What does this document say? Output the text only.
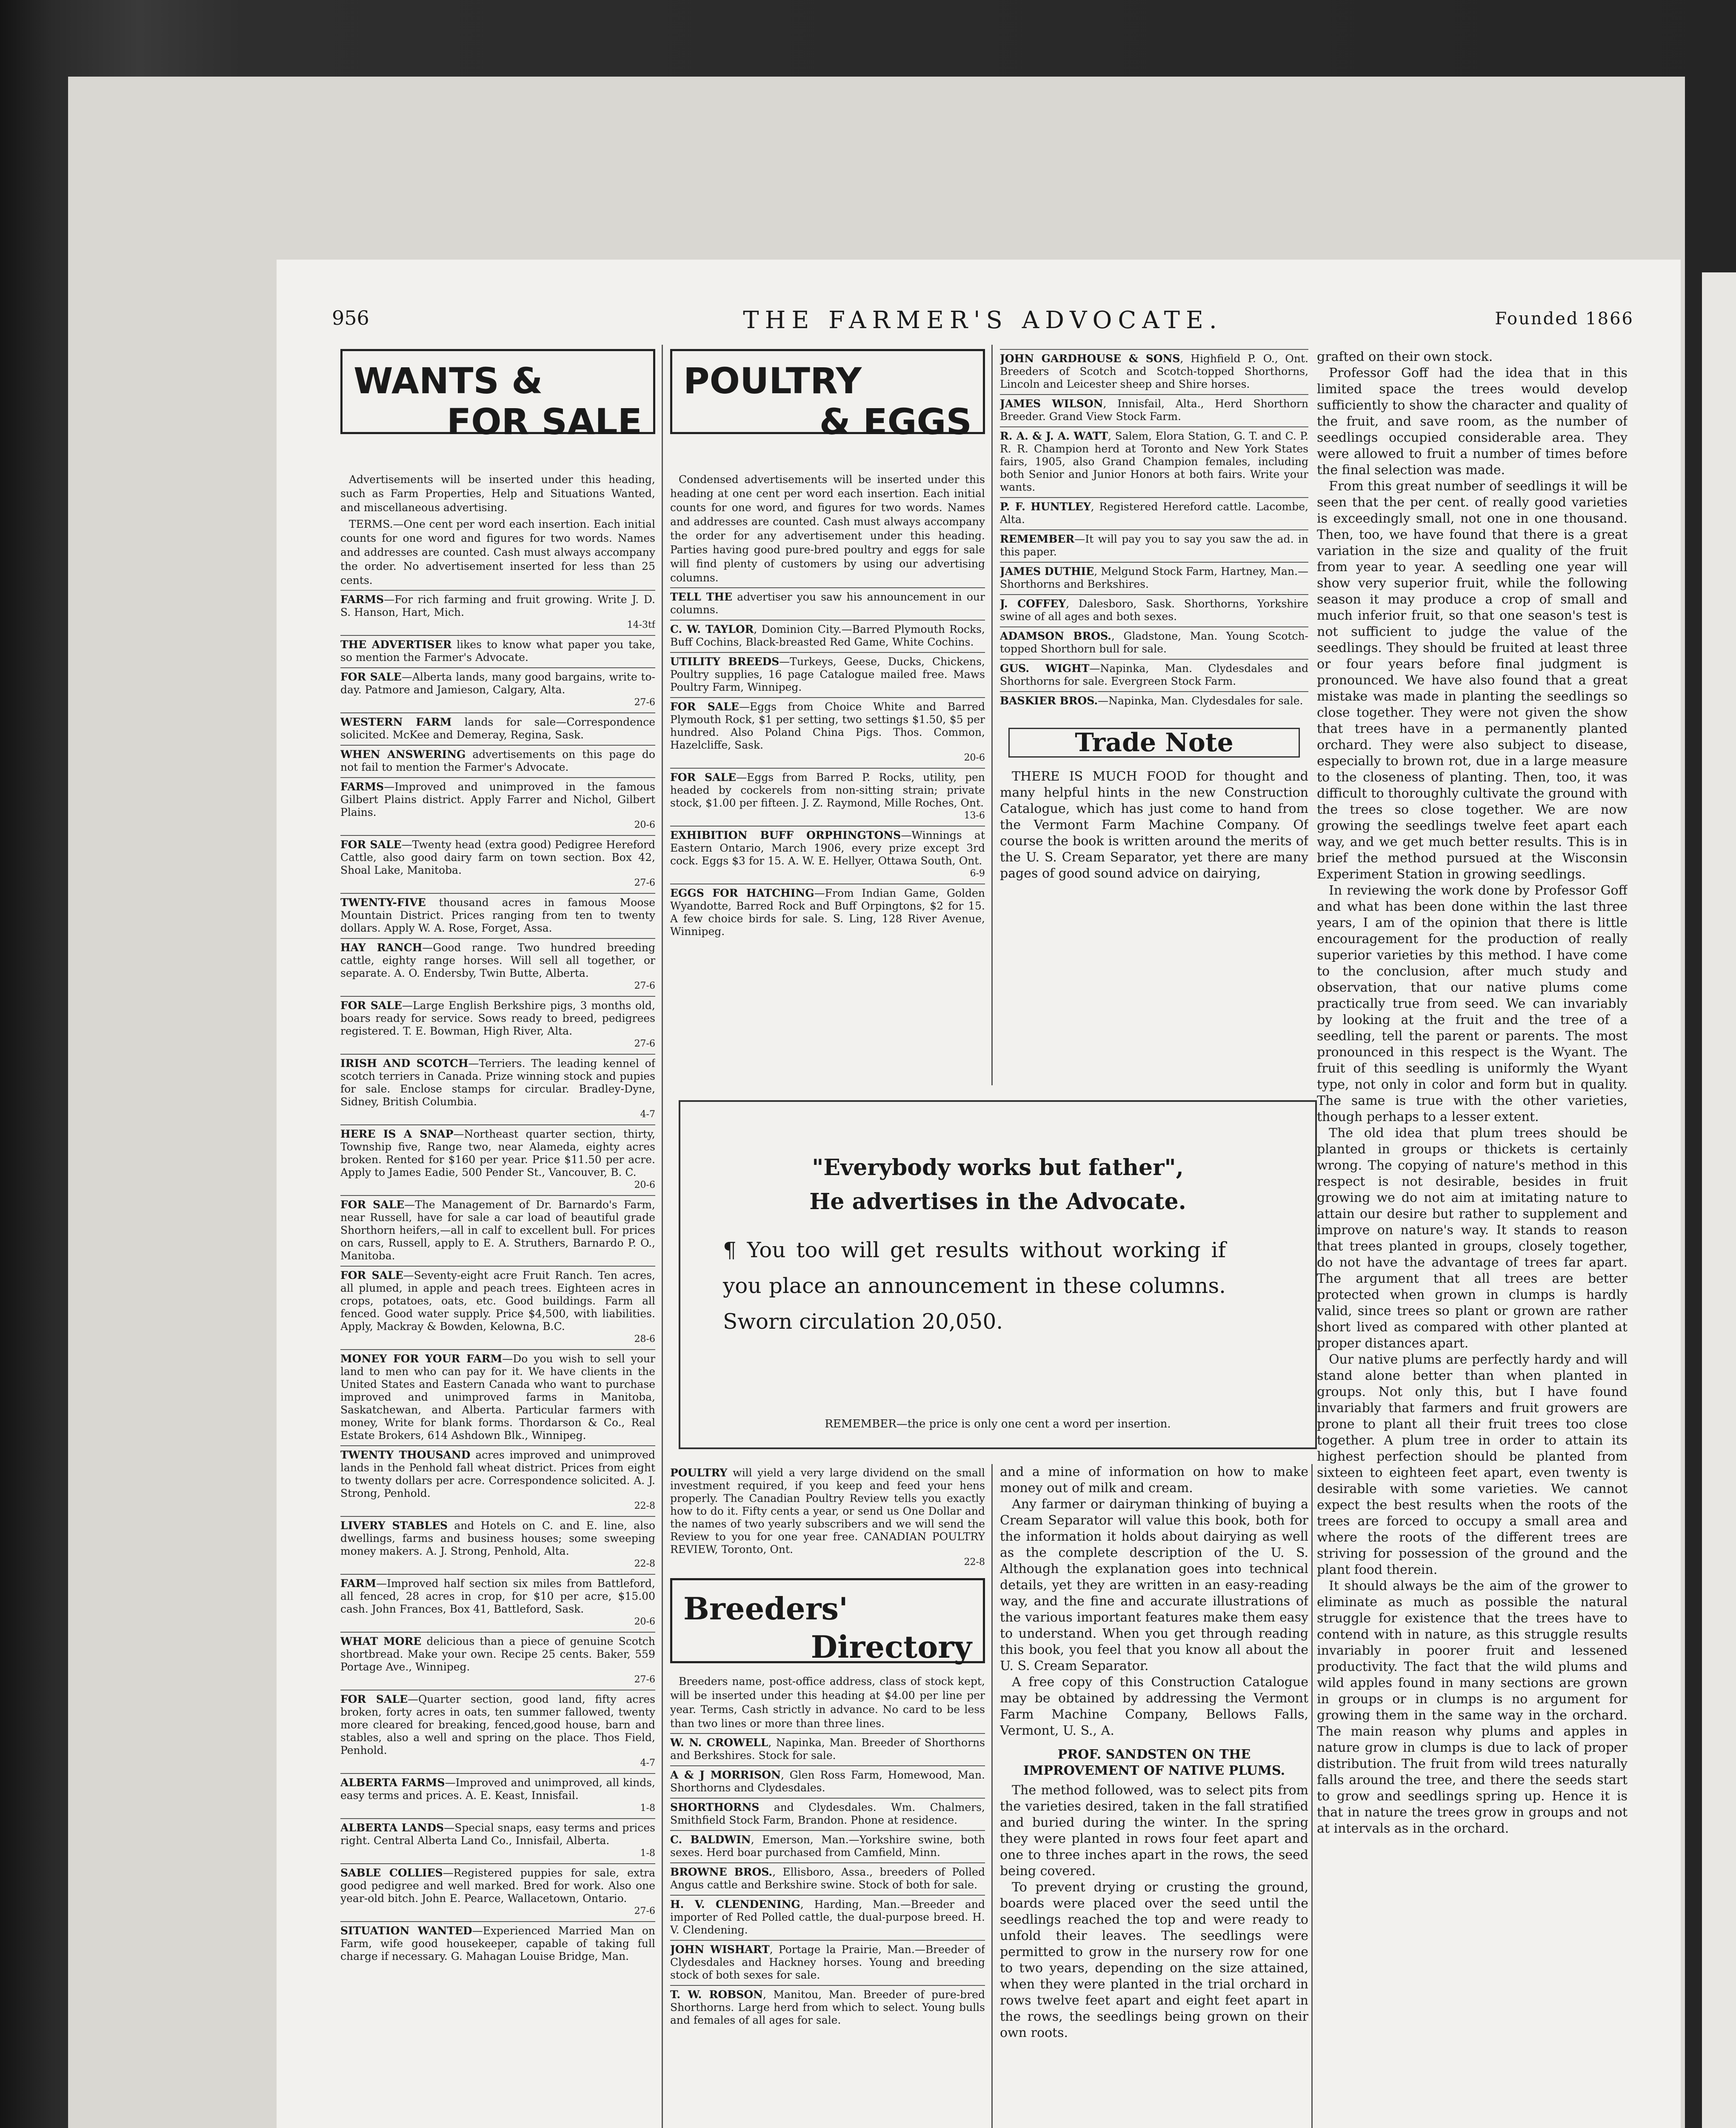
956	THE FARMER'S ADVOCATE.	Founded 1866
WANTS &
FOR SALE

Advertisements will be inserted under this heading, such as Farm Properties, Help and Situations Wanted, and miscellaneous advertising.

TERMS.—One cent per word each insertion. Each initial counts for one word and figures for two words. Names and addresses are counted. Cash must always accompany the order. No advertisement inserted for less than 25 cents.

FARMS—For rich farming and fruit growing. Write J. D. S. Hanson, Hart, Mich.
14-3tf
THE ADVERTISER likes to know what paper you take, so mention the Farmer's Advocate.
FOR SALE—Alberta lands, many good bargains, write to-day. Patmore and Jamieson, Calgary, Alta.
27-6
WESTERN FARM lands for sale—Correspondence solicited. McKee and Demeray, Regina, Sask.
WHEN ANSWERING advertisements on this page do not fail to mention the Farmer's Advocate.
FARMS—Improved and unimproved in the famous Gilbert Plains district. Apply Farrer and Nichol, Gilbert Plains.
20-6
FOR SALE—Twenty head (extra good) Pedigree Hereford Cattle, also good dairy farm on town section. Box 42, Shoal Lake, Manitoba.
27-6
TWENTY-FIVE thousand acres in famous Moose Mountain District. Prices ranging from ten to twenty dollars. Apply W. A. Rose, Forget, Assa.
HAY RANCH—Good range. Two hundred breeding cattle, eighty range horses. Will sell all together, or separate. A. O. Endersby, Twin Butte, Alberta.
27-6
FOR SALE—Large English Berkshire pigs, 3 months old, boars ready for service. Sows ready to breed, pedigrees registered. T. E. Bowman, High River, Alta.
27-6
IRISH AND SCOTCH—Terriers. The leading kennel of scotch terriers in Canada. Prize winning stock and pupies for sale. Enclose stamps for circular. Bradley-Dyne, Sidney, British Columbia.
4-7
HERE IS A SNAP—Northeast quarter section, thirty, Township five, Range two, near Alameda, eighty acres broken. Rented for $160 per year. Price $11.50 per acre. Apply to James Eadie, 500 Pender St., Vancouver, B. C.
20-6
FOR SALE—The Management of Dr. Barnardo's Farm, near Russell, have for sale a car load of beautiful grade Shorthorn heifers,—all in calf to excellent bull. For prices on cars, Russell, apply to E. A. Struthers, Barnardo P. O., Manitoba.
FOR SALE—Seventy-eight acre Fruit Ranch. Ten acres, all plumed, in apple and peach trees. Eighteen acres in crops, potatoes, oats, etc. Good buildings. Farm all fenced. Good water supply. Price $4,500, with liabilities. Apply, Mackray & Bowden, Kelowna, B.C.
28-6
MONEY FOR YOUR FARM—Do you wish to sell your land to men who can pay for it. We have clients in the United States and Eastern Canada who want to purchase improved and unimproved farms in Manitoba, Saskatchewan, and Alberta. Particular farmers with money, Write for blank forms. Thordarson & Co., Real Estate Brokers, 614 Ashdown Blk., Winnipeg.
TWENTY THOUSAND acres improved and unimproved lands in the Penhold fall wheat district. Prices from eight to twenty dollars per acre. Correspondence solicited. A. J. Strong, Penhold.
22-8
LIVERY STABLES and Hotels on C. and E. line, also dwellings, farms and business houses; some sweeping money makers. A. J. Strong, Penhold, Alta.
22-8
FARM—Improved half section six miles from Battleford, all fenced, 28 acres in crop, for $10 per acre, $15.00 cash. John Frances, Box 41, Battleford, Sask.
20-6
WHAT MORE delicious than a piece of genuine Scotch shortbread. Make your own. Recipe 25 cents. Baker, 559 Portage Ave., Winnipeg.
27-6
FOR SALE—Quarter section, good land, fifty acres broken, forty acres in oats, ten summer fallowed, twenty more cleared for breaking, fenced,good house, barn and stables, also a well and spring on the place. Thos Field, Penhold.
4-7
ALBERTA FARMS—Improved and unimproved, all kinds, easy terms and prices. A. E. Keast, Innisfail.
1-8
ALBERTA LANDS—Special snaps, easy terms and prices right. Central Alberta Land Co., Innisfail, Alberta.
1-8
SABLE COLLIES—Registered puppies for sale, extra good pedigree and well marked. Bred for work. Also one year-old bitch. John E. Pearce, Wallacetown, Ontario.
27-6
SITUATION WANTED—Experienced Married Man on Farm, wife good housekeeper, capable of taking full charge if necessary. G. Mahagan Louise Bridge, Man.
POULTRY
& EGGS

Condensed advertisements will be inserted under this heading at one cent per word each insertion. Each initial counts for one word, and figures for two words. Names and addresses are counted. Cash must always accompany the order for any advertisement under this heading. Parties having good pure-bred poultry and eggs for sale will find plenty of customers by using our advertising columns.

TELL THE advertiser you saw his announcement in our columns.
C. W. TAYLOR, Dominion City.—Barred Plymouth Rocks, Buff Cochins, Black-breasted Red Game, White Cochins.
UTILITY BREEDS—Turkeys, Geese, Ducks, Chickens, Poultry supplies, 16 page Catalogue mailed free. Maws Poultry Farm, Winnipeg.
FOR SALE—Eggs from Choice White and Barred Plymouth Rock, $1 per setting, two settings $1.50, $5 per hundred. Also Poland China Pigs. Thos. Common, Hazelcliffe, Sask.
20-6
FOR SALE—Eggs from Barred P. Rocks, utility, pen headed by cockerels from non-sitting strain; private stock, $1.00 per fifteen. J. Z. Raymond, Mille Roches, Ont.
13-6
EXHIBITION BUFF ORPHINGTONS—Winnings at Eastern Ontario, March 1906, every prize except 3rd cock. Eggs $3 for 15. A. W. E. Hellyer, Ottawa South, Ont.
6-9
EGGS FOR HATCHING—From Indian Game, Golden Wyandotte, Barred Rock and Buff Orpingtons, $2 for 15. A few choice birds for sale. S. Ling, 128 River Avenue, Winnipeg.
JOHN GARDHOUSE & SONS, Highfield P. O., Ont. Breeders of Scotch and Scotch-topped Shorthorns, Lincoln and Leicester sheep and Shire horses.
JAMES WILSON, Innisfail, Alta., Herd Shorthorn Breeder. Grand View Stock Farm.
R. A. & J. A. WATT, Salem, Elora Station, G. T. and C. P. R. R. Champion herd at Toronto and New York States fairs, 1905, also Grand Champion females, including both Senior and Junior Honors at both fairs. Write your wants.
P. F. HUNTLEY, Registered Hereford cattle. Lacombe, Alta.
REMEMBER—It will pay you to say you saw the ad. in this paper.
JAMES DUTHIE, Melgund Stock Farm, Hartney, Man.—Shorthorns and Berkshires.
J. COFFEY, Dalesboro, Sask. Shorthorns, Yorkshire swine of all ages and both sexes.
ADAMSON BROS., Gladstone, Man. Young Scotch-topped Shorthorn bull for sale.
GUS. WIGHT—Napinka, Man. Clydesdales and Shorthorns for sale. Evergreen Stock Farm.
BASKIER BROS.—Napinka, Man. Clydesdales for sale.
Trade Note

THERE IS MUCH FOOD for thought and many helpful hints in the new Construction Catalogue, which has just come to hand from the Vermont Farm Machine Company. Of course the book is written around the merits of the U. S. Cream Separator, yet there are many pages of good sound advice on dairying,

"Everybody works but father",
He advertises in the Advocate.
¶ You too will get results without working if you place an announcement in these columns. Sworn circulation 20,050.
REMEMBER—the price is only one cent a word per insertion.
POULTRY will yield a very large dividend on the small investment required, if you keep and feed your hens properly. The Canadian Poultry Review tells you exactly how to do it. Fifty cents a year, or send us One Dollar and the names of two yearly subscribers and we will send the Review to you for one year free. CANADIAN POULTRY REVIEW, Toronto, Ont.
22-8
Breeders'
Directory

Breeders name, post-office address, class of stock kept, will be inserted under this heading at $4.00 per line per year. Terms, Cash strictly in advance. No card to be less than two lines or more than three lines.

W. N. CROWELL, Napinka, Man. Breeder of Shorthorns and Berkshires. Stock for sale.
A & J MORRISON, Glen Ross Farm, Homewood, Man. Shorthorns and Clydesdales.
SHORTHORNS and Clydesdales. Wm. Chalmers, Smithfield Stock Farm, Brandon. Phone at residence.
C. BALDWIN, Emerson, Man.—Yorkshire swine, both sexes. Herd boar purchased from Camfield, Minn.
BROWNE BROS., Ellisboro, Assa., breeders of Polled Angus cattle and Berkshire swine. Stock of both for sale.
H. V. CLENDENING, Harding, Man.—Breeder and importer of Red Polled cattle, the dual-purpose breed. H. V. Clendening.
JOHN WISHART, Portage la Prairie, Man.—Breeder of Clydesdales and Hackney horses. Young and breeding stock of both sexes for sale.
T. W. ROBSON, Manitou, Man. Breeder of pure-bred Shorthorns. Large herd from which to select. Young bulls and females of all ages for sale.

and a mine of information on how to make money out of milk and cream.

Any farmer or dairyman thinking of buying a Cream Separator will value this book, both for the information it holds about dairying as well as the complete description of the U. S. Although the explanation goes into technical details, yet they are written in an easy-reading way, and the fine and accurate illustrations of the various important features make them easy to understand. When you get through reading this book, you feel that you know all about the U. S. Cream Separator.

A free copy of this Construction Catalogue may be obtained by addressing the Vermont Farm Machine Company, Bellows Falls, Vermont, U. S., A.

PROF. SANDSTEN ON THE IMPROVEMENT OF NATIVE PLUMS.

The method followed, was to select pits from the varieties desired, taken in the fall stratified and buried during the winter. In the spring they were planted in rows four feet apart and one to three inches apart in the rows, the seed being covered.

To prevent drying or crusting the ground, boards were placed over the seed until the seedlings reached the top and were ready to unfold their leaves. The seedlings were permitted to grow in the nursery row for one to two years, depending on the size attained, when they were planted in the trial orchard in rows twelve feet apart and eight feet apart in the rows, the seedlings being grown on their own roots.

grafted on their own stock.

Professor Goff had the idea that in this limited space the trees would develop sufficiently to show the character and quality of the fruit, and save room, as the number of seedlings occupied considerable area. They were allowed to fruit a number of times before the final selection was made.

From this great number of seedlings it will be seen that the per cent. of really good varieties is exceedingly small, not one in one thousand. Then, too, we have found that there is a great variation in the size and quality of the fruit from year to year. A seedling one year will show very superior fruit, while the following season it may produce a crop of small and much inferior fruit, so that one season's test is not sufficient to judge the value of the seedlings. They should be fruited at least three or four years before final judgment is pronounced. We have also found that a great mistake was made in planting the seedlings so close together. They were not given the show that trees have in a permanently planted orchard. They were also subject to disease, especially to brown rot, due in a large measure to the closeness of planting. Then, too, it was difficult to thoroughly cultivate the ground with the trees so close together. We are now growing the seedlings twelve feet apart each way, and we get much better results. This is in brief the method pursued at the Wisconsin Experiment Station in growing seedlings.

In reviewing the work done by Professor Goff and what has been done within the last three years, I am of the opinion that there is little encouragement for the production of really superior varieties by this method. I have come to the conclusion, after much study and observation, that our native plums come practically true from seed. We can invariably by looking at the fruit and the tree of a seedling, tell the parent or parents. The most pronounced in this respect is the Wyant. The fruit of this seedling is uniformly the Wyant type, not only in color and form but in quality. The same is true with the other varieties, though perhaps to a lesser extent.

The old idea that plum trees should be planted in groups or thickets is certainly wrong. The copying of nature's method in this respect is not desirable, besides in fruit growing we do not aim at imitating nature to attain our desire but rather to supplement and improve on nature's way. It stands to reason that trees planted in groups, closely together, do not have the advantage of trees far apart. The argument that all trees are better protected when grown in clumps is hardly valid, since trees so plant or grown are rather short lived as compared with other planted at proper distances apart.

Our native plums are perfectly hardy and will stand alone better than when planted in groups. Not only this, but I have found invariably that farmers and fruit growers are prone to plant all their fruit trees too close together. A plum tree in order to attain its highest perfection should be planted from sixteen to eighteen feet apart, even twenty is desirable with some varieties. We cannot expect the best results when the roots of the trees are forced to occupy a small area and where the roots of the different trees are striving for possession of the ground and the plant food therein.

It should always be the aim of the grower to eliminate as much as possible the natural struggle for existence that the trees have to contend with in nature, as this struggle results invariably in poorer fruit and lessened productivity. The fact that the wild plums and wild apples found in many sections are grown in groups or in clumps is no argument for growing them in the same way in the orchard. The main reason why plums and apples in nature grow in clumps is due to lack of proper distribution. The fruit from wild trees naturally falls around the tree, and there the seeds start to grow and seedlings spring up. Hence it is that in nature the trees grow in groups and not at intervals as in the orchard.
